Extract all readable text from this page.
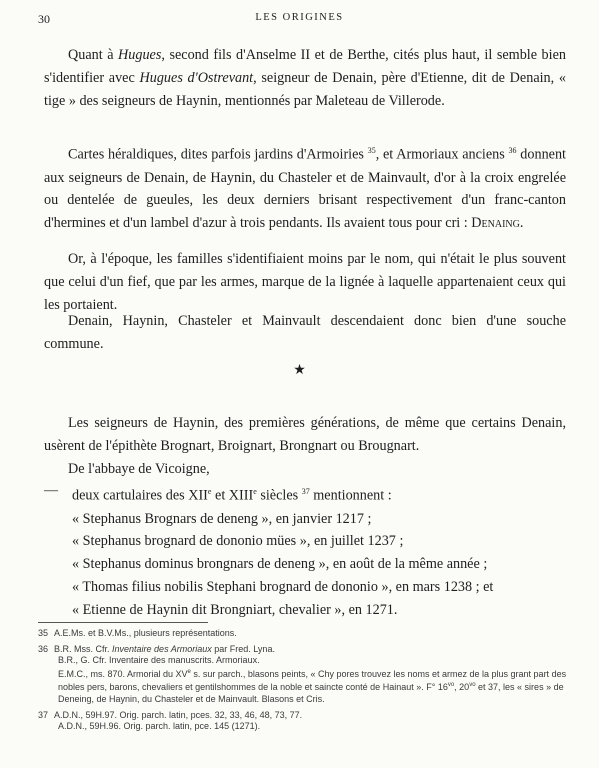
30	LES ORIGINES

Quant à Hugues, second fils d'Anselme II et de Berthe, cités plus haut, il semble bien s'identifier avec Hugues d'Ostrevant, seigneur de Denain, père d'Etienne, dit de Denain, « tige » des seigneurs de Haynin, mentionnés par Maleteau de Villerode.

Cartes héraldiques, dites parfois jardins d'Armoiries $^{35}$, et Armoriaux anciens $^{36}$ donnent aux seigneurs de Denain, de Haynin, du Chasteler et de Mainvault, d'or à la croix engrelée ou dentelée de gueules, les deux derniers brisant respectivement d'un franc-canton d'hermines et d'un lambel d'azur à trois pendants. Ils avaient tous pour cri : Denaing.

Or, à l'époque, les familles s'identifiaient moins par le nom, qui n'était le plus souvent que celui d'un fief, que par les armes, marque de la lignée à laquelle appartenaient ceux qui les portaient.

Denain, Haynin, Chasteler et Mainvault descendaient donc bien d'une souche commune.

★

Les seigneurs de Haynin, des premières générations, de même que certains Denain, usèrent de l'épithète Brognart, Broignart, Brongnart ou Brougnart.

De l'abbaye de Vicoigne,

— deux cartulaires des XIIe et XIIIe siècles $^{37}$ mentionnent :
« Stephanus Brognars de deneng », en janvier 1217 ;
« Stephanus brognard de dononio mües », en juillet 1237 ;
« Stephanus dominus brongnars de deneng », en août de la même année ;
« Thomas filius nobilis Stephani brognard de dononio », en mars 1238 ; et
« Etienne de Haynin dit Brongniart, chevalier », en 1271.

35 A.E.Ms. et B.V.Ms., plusieurs représentations.

36 B.R. Mss. Cfr. Inventaire des Armoriaux par Fred. Lyna.

B.R., G. Cfr. Inventaire des manuscrits. Armoriaux.

E.M.C., ms. 870. Armorial du XVe s. sur parch., blasons peints, « Chy pores trouvez les noms et armez de la plus grant part des nobles pers, barons, chevaliers et gentilshommes de la noble et saincte conté de Hainaut ». F° $16^{vo}$, $20^{vo}$ et 37, les « sires » de Deneing, de Haynin, du Chasteler et de Mainvault. Blasons et Cris.

37 A.D.N., 59H.97. Orig. parch. latin, pces. 32, 33, 46, 48, 73, 77.

A.D.N., 59H.96. Orig. parch. latin, pce. 145 (1271).
